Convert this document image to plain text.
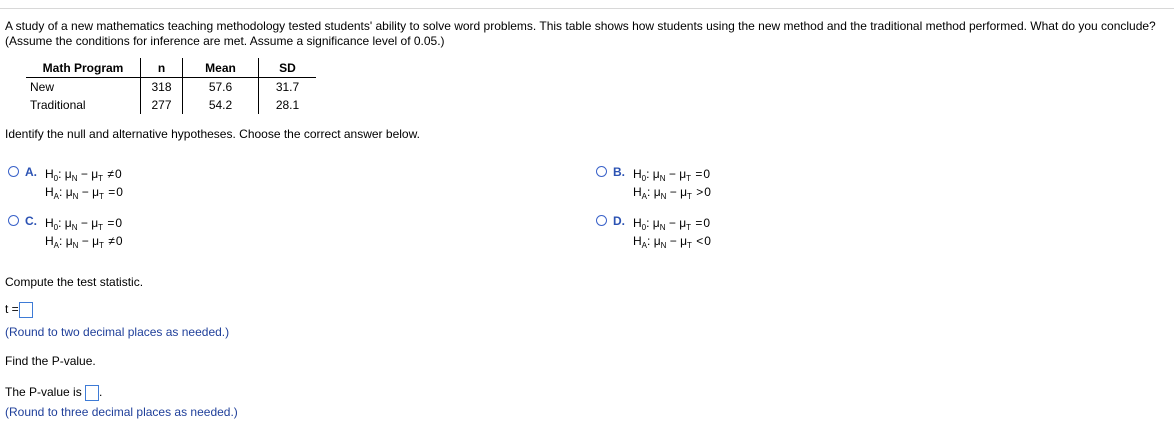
A study of a new mathematics teaching methodology tested students' ability to solve word problems. This table shows how students using the new method and the traditional method performed. What do you conclude? (Assume the conditions for inference are met. Assume a significance level of 0.05.)
Math Program	n	Mean	SD
New	318	57.6	31.7
Traditional	277	54.2	28.1
Identify the null and alternative hypotheses. Choose the correct answer below.
A. $H_0$: $\mu_N - \mu_T \ne 0$
$H_A$: $\mu_N - \mu_T =0$
B. $H_0$: $\mu_N - \mu_T =0$
$H_A$: $\mu_N - \mu_T >0$
C. $H_0$: $\mu_N - \mu_T =0$
$H_A$: $\mu_N - \mu_T \ne 0$
D. $H_0$: $\mu_N - \mu_T =0$
$H_A$: $\mu_N - \mu_T <0$
Compute the test statistic.
t =
(Round to two decimal places as needed.)
Find the P-value.
The P-value is .
(Round to three decimal places as needed.)
